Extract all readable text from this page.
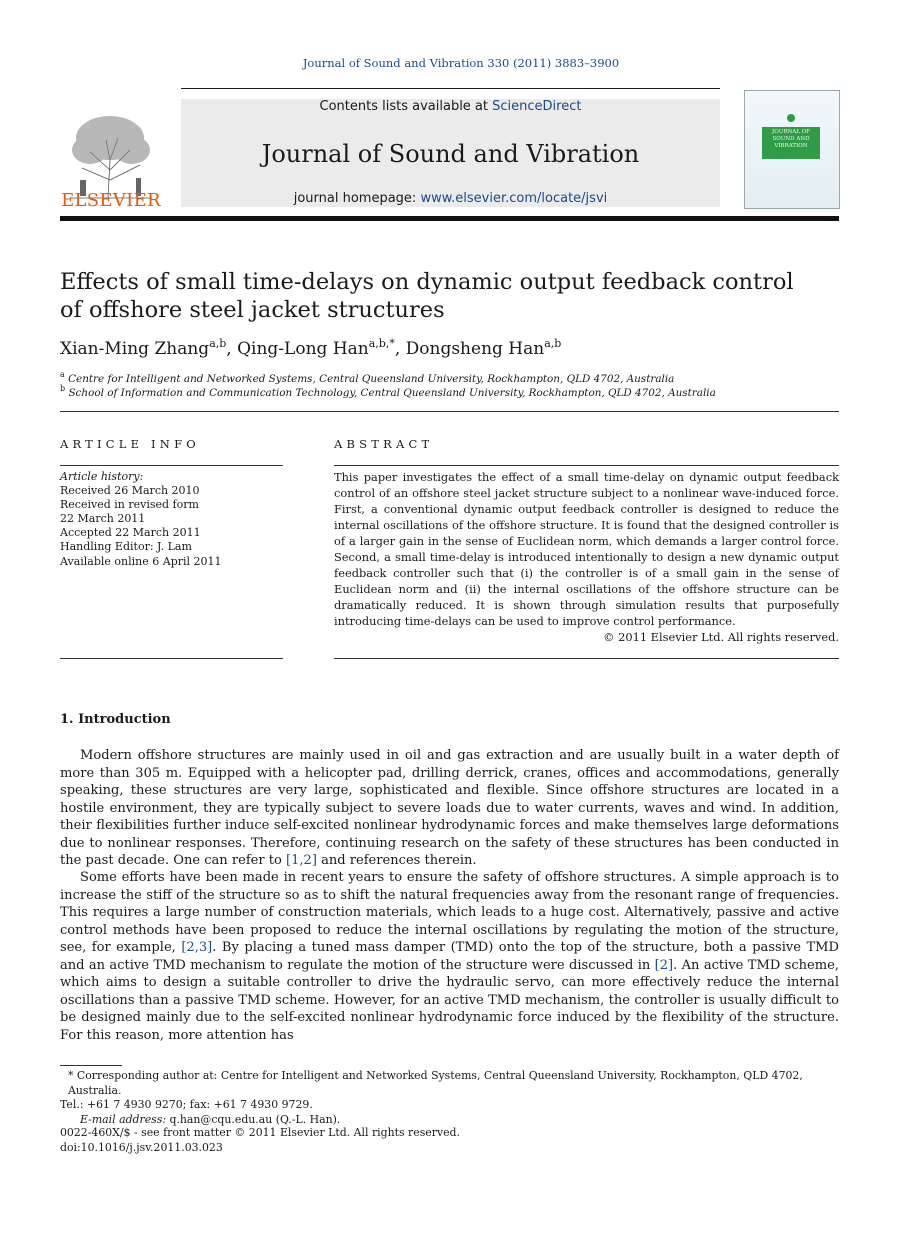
Journal of Sound and Vibration 330 (2011) 3883–3900
ELSEVIER
Contents lists available at ScienceDirect
Journal of Sound and Vibration
journal homepage: www.elsevier.com/locate/jsvi
JOURNAL OF SOUND AND VIBRATION
Effects of small time-delays on dynamic output feedback control
of offshore steel jacket structures
Xian-Ming Zhang$^{a,b}$, Qing-Long Han$^{a,b,*}$, Dongsheng Han$^{a,b}$
$^a$ Centre for Intelligent and Networked Systems, Central Queensland University, Rockhampton, QLD 4702, Australia
$^b$ School of Information and Communication Technology, Central Queensland University, Rockhampton, QLD 4702, Australia
ARTICLE INFO
Article history:
Received 26 March 2010
Received in revised form
22 March 2011
Accepted 22 March 2011
Handling Editor: J. Lam
Available online 6 April 2011
ABSTRACT
This paper investigates the effect of a small time-delay on dynamic output feedback control of an offshore steel jacket structure subject to a nonlinear wave-induced force. First, a conventional dynamic output feedback controller is designed to reduce the internal oscillations of the offshore structure. It is found that the designed controller is of a larger gain in the sense of Euclidean norm, which demands a larger control force. Second, a small time-delay is introduced intentionally to design a new dynamic output feedback controller such that (i) the controller is of a small gain in the sense of Euclidean norm and (ii) the internal oscillations of the offshore structure can be dramatically reduced. It is shown through simulation results that purposefully introducing time-delays can be used to improve control performance.
© 2011 Elsevier Ltd. All rights reserved.
1. Introduction
Modern offshore structures are mainly used in oil and gas extraction and are usually built in a water depth of more than 305 m. Equipped with a helicopter pad, drilling derrick, cranes, offices and accommodations, generally speaking, these structures are very large, sophisticated and flexible. Since offshore structures are located in a hostile environment, they are typically subject to severe loads due to water currents, waves and wind. In addition, their flexibilities further induce self-excited nonlinear hydrodynamic forces and make themselves large deformations due to nonlinear responses. Therefore, continuing research on the safety of these structures has been conducted in the past decade. One can refer to [1,2] and references therein.
Some efforts have been made in recent years to ensure the safety of offshore structures. A simple approach is to increase the stiff of the structure so as to shift the natural frequencies away from the resonant range of frequencies. This requires a large number of construction materials, which leads to a huge cost. Alternatively, passive and active control methods have been proposed to reduce the internal oscillations by regulating the motion of the structure, see, for example, [2,3]. By placing a tuned mass damper (TMD) onto the top of the structure, both a passive TMD and an active TMD mechanism to regulate the motion of the structure were discussed in [2]. An active TMD scheme, which aims to design a suitable controller to drive the hydraulic servo, can more effectively reduce the internal oscillations than a passive TMD scheme. However, for an active TMD mechanism, the controller is usually difficult to be designed mainly due to the self-excited nonlinear hydrodynamic force induced by the flexibility of the structure. For this reason, more attention has
* Corresponding author at: Centre for Intelligent and Networked Systems, Central Queensland University, Rockhampton, QLD 4702, Australia.
Tel.: +61 7 4930 9270; fax: +61 7 4930 9729.
E-mail address: q.han@cqu.edu.au (Q.-L. Han).
0022-460X/$ - see front matter © 2011 Elsevier Ltd. All rights reserved.
doi:10.1016/j.jsv.2011.03.023
